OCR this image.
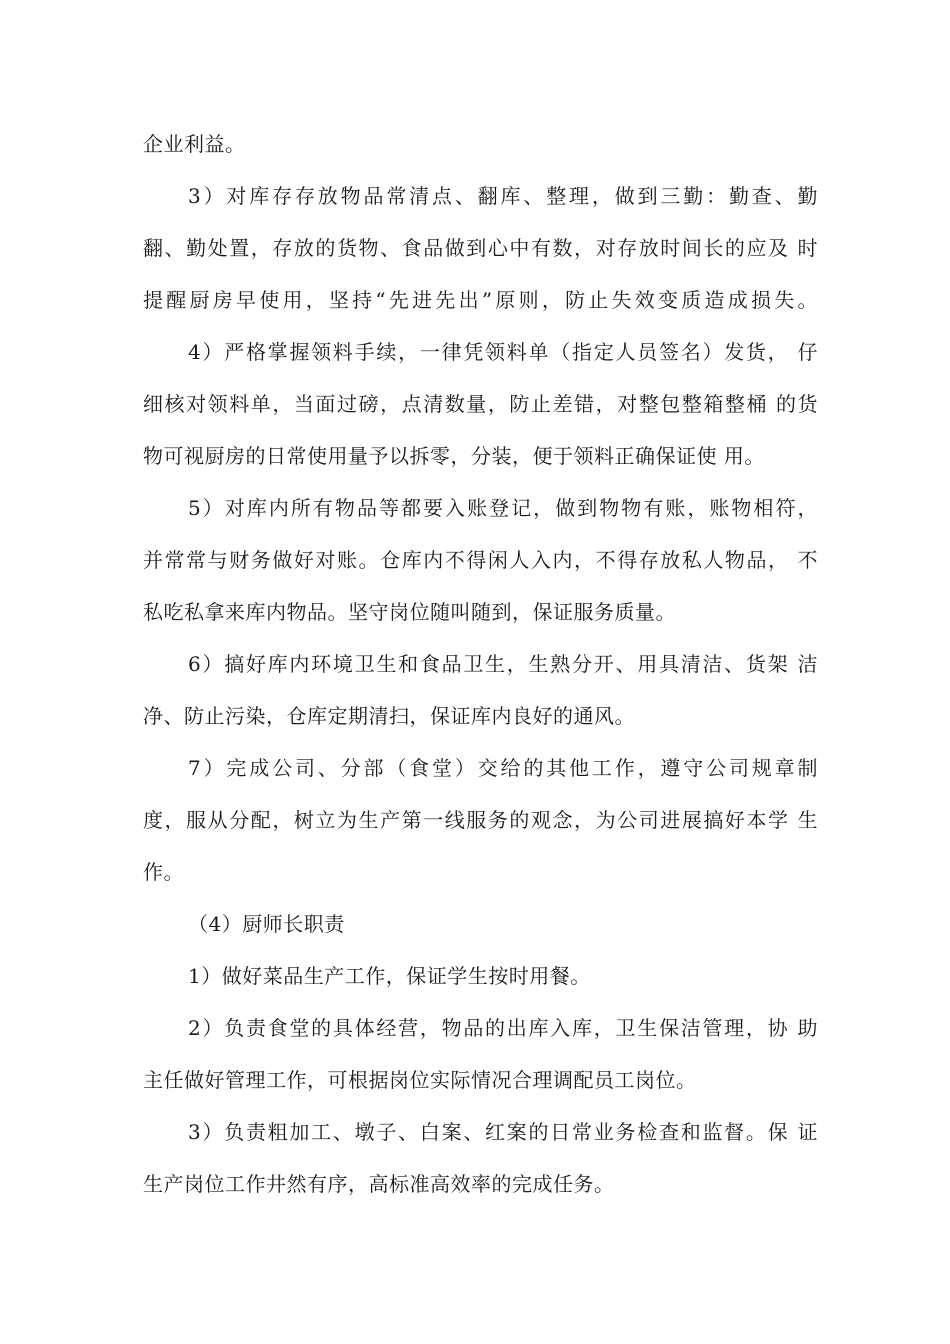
企业利益。
3）对库存存放物品常清点、翻库、整理，做到三勤：勤查、勤
翻、勤处置，存放的货物、食品做到心中有数，对存放时间长的应及 时
提醒厨房早使用，坚持“先进先出”原则，防止失效变质造成损失。
4）严格掌握领料手续，一律凭领料单（指定人员签名）发货， 仔
细核对领料单，当面过磅，点清数量，防止差错，对整包整箱整桶 的货
物可视厨房的日常使用量予以拆零，分装，便于领料正确保证使 用。
5）对库内所有物品等都要入账登记，做到物物有账，账物相符，
并常常与财务做好对账。仓库内不得闲人入内，不得存放私人物品， 不
私吃私拿来库内物品。坚守岗位随叫随到，保证服务质量。
6）搞好库内环境卫生和食品卫生，生熟分开、用具清洁、货架 洁
净、防止污染，仓库定期清扫，保证库内良好的通风。
7）完成公司、分部（食堂）交给的其他工作，遵守公司规章制
度，服从分配，树立为生产第一线服务的观念，为公司进展搞好本学 生
作。
（4）厨师长职责
1）做好菜品生产工作，保证学生按时用餐。
2）负责食堂的具体经营，物品的出库入库，卫生保洁管理，协 助
主任做好管理工作，可根据岗位实际情况合理调配员工岗位。
3）负责粗加工、墩子、白案、红案的日常业务检查和监督。保 证
生产岗位工作井然有序，高标准高效率的完成任务。
